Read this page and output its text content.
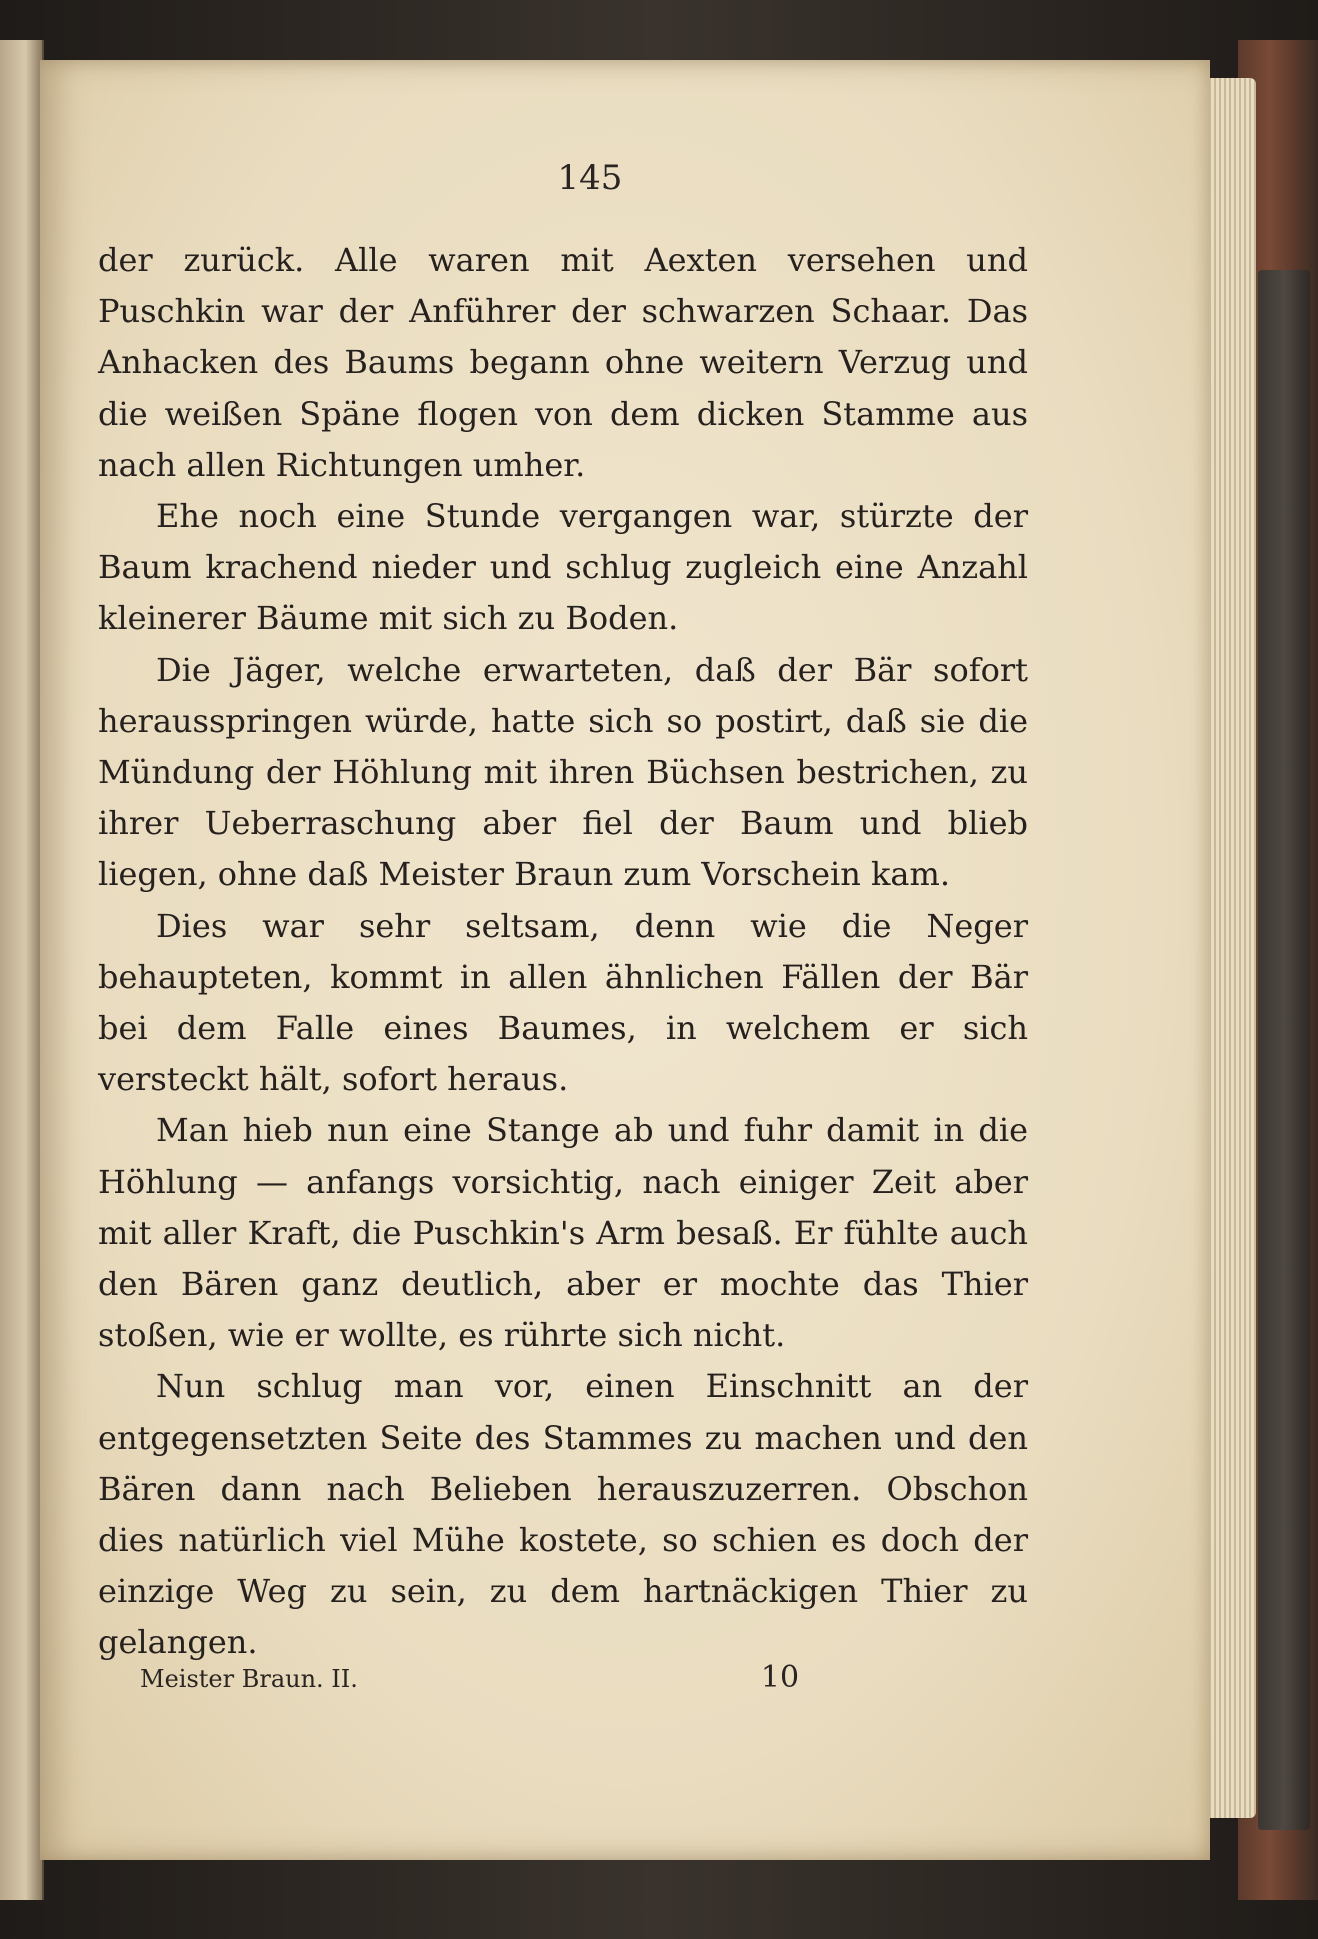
145

der zurück. Alle waren mit Aexten versehen und Puschkin war der Anführer der schwarzen Schaar. Das Anhacken des Baums begann ohne weitern Verzug und die weißen Späne flogen von dem dicken Stamme aus nach allen Richtungen umher.

Ehe noch eine Stunde vergangen war, stürzte der Baum krachend nieder und schlug zugleich eine Anzahl kleinerer Bäume mit sich zu Boden.

Die Jäger, welche erwarteten, daß der Bär sofort herausspringen würde, hatte sich so postirt, daß sie die Mündung der Höhlung mit ihren Büchsen bestrichen, zu ihrer Ueberraschung aber fiel der Baum und blieb liegen, ohne daß Meister Braun zum Vorschein kam.

Dies war sehr seltsam, denn wie die Neger behaupteten, kommt in allen ähnlichen Fällen der Bär bei dem Falle eines Baumes, in welchem er sich versteckt hält, sofort heraus.

Man hieb nun eine Stange ab und fuhr damit in die Höhlung — anfangs vorsichtig, nach einiger Zeit aber mit aller Kraft, die Puschkin's Arm besaß. Er fühlte auch den Bären ganz deutlich, aber er mochte das Thier stoßen, wie er wollte, es rührte sich nicht.

Nun schlug man vor, einen Einschnitt an der entgegensetzten Seite des Stammes zu machen und den Bären dann nach Belieben herauszuzerren. Obschon dies natürlich viel Mühe kostete, so schien es doch der einzige Weg zu sein, zu dem hartnäckigen Thier zu gelangen.

Meister Braun. II.	10
